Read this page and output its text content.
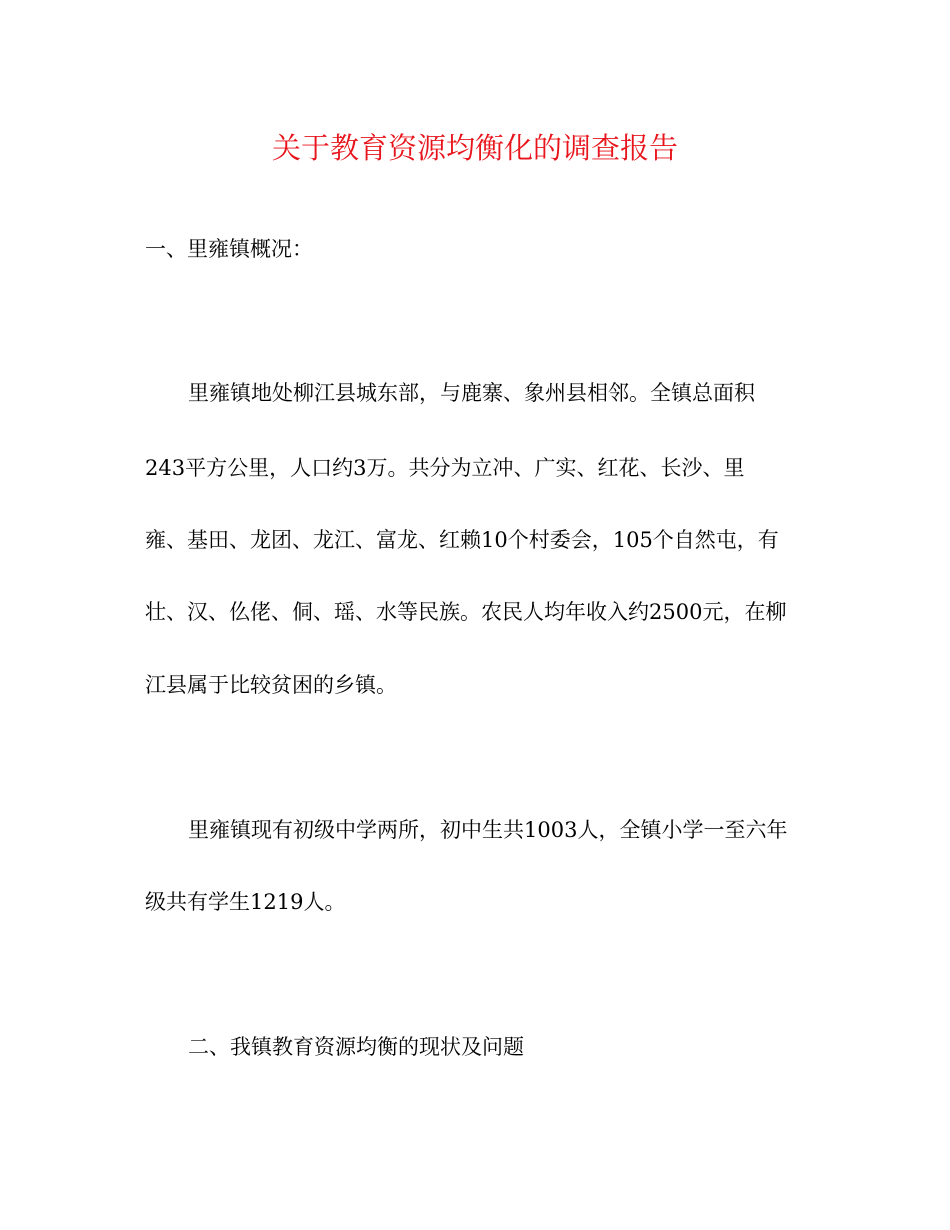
关于教育资源均衡化的调查报告
一、里雍镇概况：
里雍镇地处柳江县城东部，与鹿寨、象州县相邻。全镇总面积
243平方公里，人口约3万。共分为立冲、广实、红花、长沙、里
雍、基田、龙团、龙江、富龙、红赖10个村委会，105个自然屯，有
壮、汉、仫佬、侗、瑶、水等民族。农民人均年收入约2500元，在柳
江县属于比较贫困的乡镇。
里雍镇现有初级中学两所，初中生共1003人，全镇小学一至六年
级共有学生1219人。
二、我镇教育资源均衡的现状及问题
